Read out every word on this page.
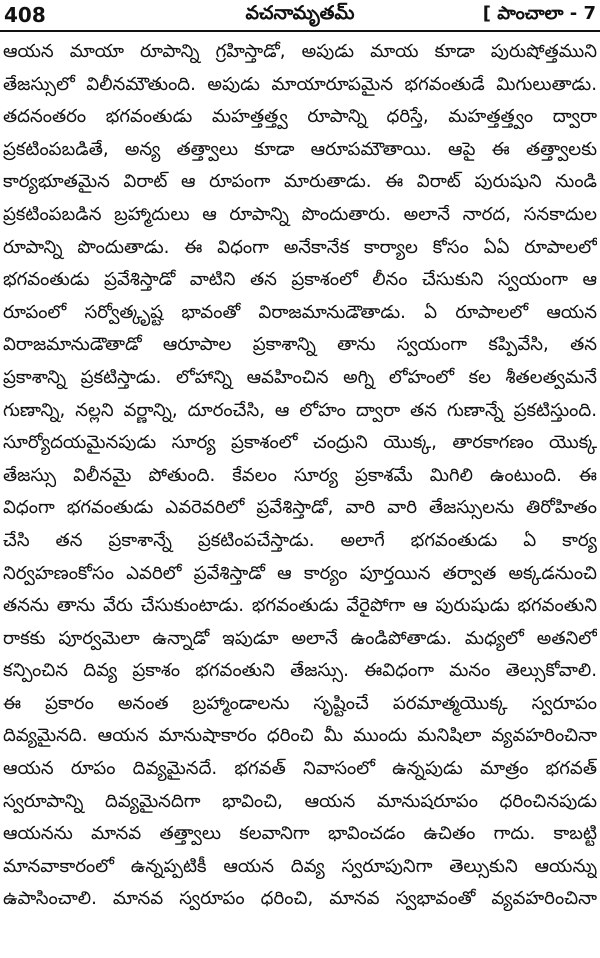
408	వచనామృతమ్	[ పాంచాలా - 7
ఆయన మాయా రూపాన్ని గ్రహిస్తాడో, అపుడు మాయ కూడా పురుషోత్తముని
తేజస్సులో విలీనమౌతుంది. అపుడు మాయారూపమైన భగవంతుడే మిగులుతాడు.
తదనంతరం భగవంతుడు మహత్తత్త్వ రూపాన్ని ధరిస్తే, మహత్తత్త్వం ద్వారా
ప్రకటింపబడితే, అన్య తత్త్వాలు కూడా ఆరూపమౌతాయి. ఆపై ఈ తత్త్వాలకు
కార్యభూతమైన విరాట్ ఆ రూపంగా మారుతాడు. ఈ విరాట్ పురుషుని నుండి
ప్రకటింపబడిన బ్రహ్మాదులు ఆ రూపాన్ని పొందుతారు. అలానే నారద, సనకాదుల
రూపాన్ని పొందుతాడు. ఈ విధంగా అనేకానేక కార్యాల కోసం ఏఏ రూపాలలో
భగవంతుడు ప్రవేశిస్తాడో వాటిని తన ప్రకాశంలో లీనం చేసుకుని స్వయంగా ఆ
రూపంలో సర్వోత్కృష్ట భావంతో విరాజమానుడౌతాడు. ఏ రూపాలలో ఆయన
విరాజమానుడౌతాడో ఆరూపాల ప్రకాశాన్ని తాను స్వయంగా కప్పివేసి, తన
ప్రకాశాన్ని ప్రకటిస్తాడు. లోహాన్ని ఆవహించిన అగ్ని లోహంలో కల శీతలత్వమనే
గుణాన్ని, నల్లని వర్ణాన్ని, దూరంచేసి, ఆ లోహం ద్వారా తన గుణాన్నే ప్రకటిస్తుంది.
సూర్యోదయమైనపుడు సూర్య ప్రకాశంలో చంద్రుని యొక్క, తారకాగణం యొక్క
తేజస్సు విలీనమై పోతుంది. కేవలం సూర్య ప్రకాశమే మిగిలి ఉంటుంది. ఈ
విధంగా భగవంతుడు ఎవరెవరిలో ప్రవేశిస్తాడో, వారి వారి తేజస్సులను తిరోహితం
చేసి తన ప్రకాశాన్నే ప్రకటింపచేస్తాడు. అలాగే భగవంతుడు ఏ కార్య
నిర్వహణంకోసం ఎవరిలో ప్రవేశిస్తాడో ఆ కార్యం పూర్తయిన తర్వాత అక్కడనుంచి
తనను తాను వేరు చేసుకుంటాడు. భగవంతుడు వేరైపోగా ఆ పురుషుడు భగవంతుని
రాకకు పూర్వమెలా ఉన్నాడో ఇపుడూ అలానే ఉండిపోతాడు. మధ్యలో అతనిలో
కన్పించిన దివ్య ప్రకాశం భగవంతుని తేజస్సు. ఈవిధంగా మనం తెల్సుకోవాలి.
ఈ ప్రకారం అనంత బ్రహ్మాండాలను సృష్టించే పరమాత్మయొక్క స్వరూపం
దివ్యమైనది. ఆయన మానుషాకారం ధరించి మీ ముందు మనిషిలా వ్యవహరించినా
ఆయన రూపం దివ్యమైనదే. భగవత్ నివాసంలో ఉన్నపుడు మాత్రం భగవత్
స్వరూపాన్ని దివ్యమైనదిగా భావించి, ఆయన మానుషరూపం ధరించినపుడు
ఆయనను మానవ తత్త్వాలు కలవానిగా భావించడం ఉచితం గాదు. కాబట్టి
మానవాకారంలో ఉన్నప్పటికీ ఆయన దివ్య స్వరూపునిగా తెల్సుకుని ఆయన్ను
ఉపాసించాలి. మానవ స్వరూపం ధరించి, మానవ స్వభావంతో వ్యవహరించినా
